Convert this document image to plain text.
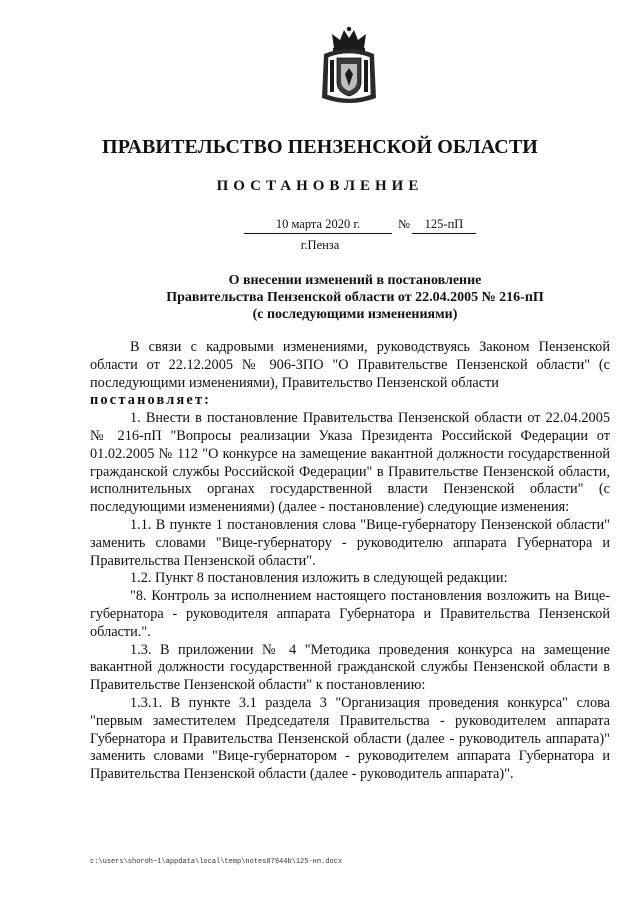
ПРАВИТЕЛЬСТВО ПЕНЗЕНСКОЙ ОБЛАСТИ
ПОСТАНОВЛЕНИЕ
10 марта 2020 г.	№	125-пП
г.Пенза
О внесении изменений в постановление
Правительства Пензенской области от 22.04.2005 № 216-пП
(с последующими изменениями)

В связи с кадровыми изменениями, руководствуясь Законом Пензенской области от 22.12.2005 № 906-ЗПО "О Правительстве Пензенской области" (с последующими изменениями), Правительство Пензенской области

постановляет:

1. Внести в постановление Правительства Пензенской области от 22.04.2005 № 216-пП "Вопросы реализации Указа Президента Российской Федерации от 01.02.2005 № 112 "О конкурсе на замещение вакантной должности государственной гражданской службы Российской Федерации" в Правительстве Пензенской области, исполнительных органах государственной власти Пензенской области" (с последующими изменениями) (далее - постановление) следующие изменения:

1.1. В пункте 1 постановления слова "Вице-губернатору Пензенской области" заменить словами "Вице-губернатору - руководителю аппарата Губернатора и Правительства Пензенской области".

1.2. Пункт 8 постановления изложить в следующей редакции:

"8. Контроль за исполнением настоящего постановления возложить на Вице-губернатора - руководителя аппарата Губернатора и Правительства Пензенской области.".

1.3. В приложении № 4 "Методика проведения конкурса на замещение вакантной должности государственной гражданской службы Пензенской области в Правительстве Пензенской области" к постановлению:

1.3.1. В пункте 3.1 раздела 3 "Организация проведения конкурса" слова "первым заместителем Председателя Правительства - руководителем аппарата Губернатора и Правительства Пензенской области (далее - руководитель аппарата)" заменить словами "Вице-губернатором - руководителем аппарата Губернатора и Правительства Пензенской области (далее - руководитель аппарата)".

c:\users\shoroh~1\appdata\local\temp\notes87944b\125-нп.docx
